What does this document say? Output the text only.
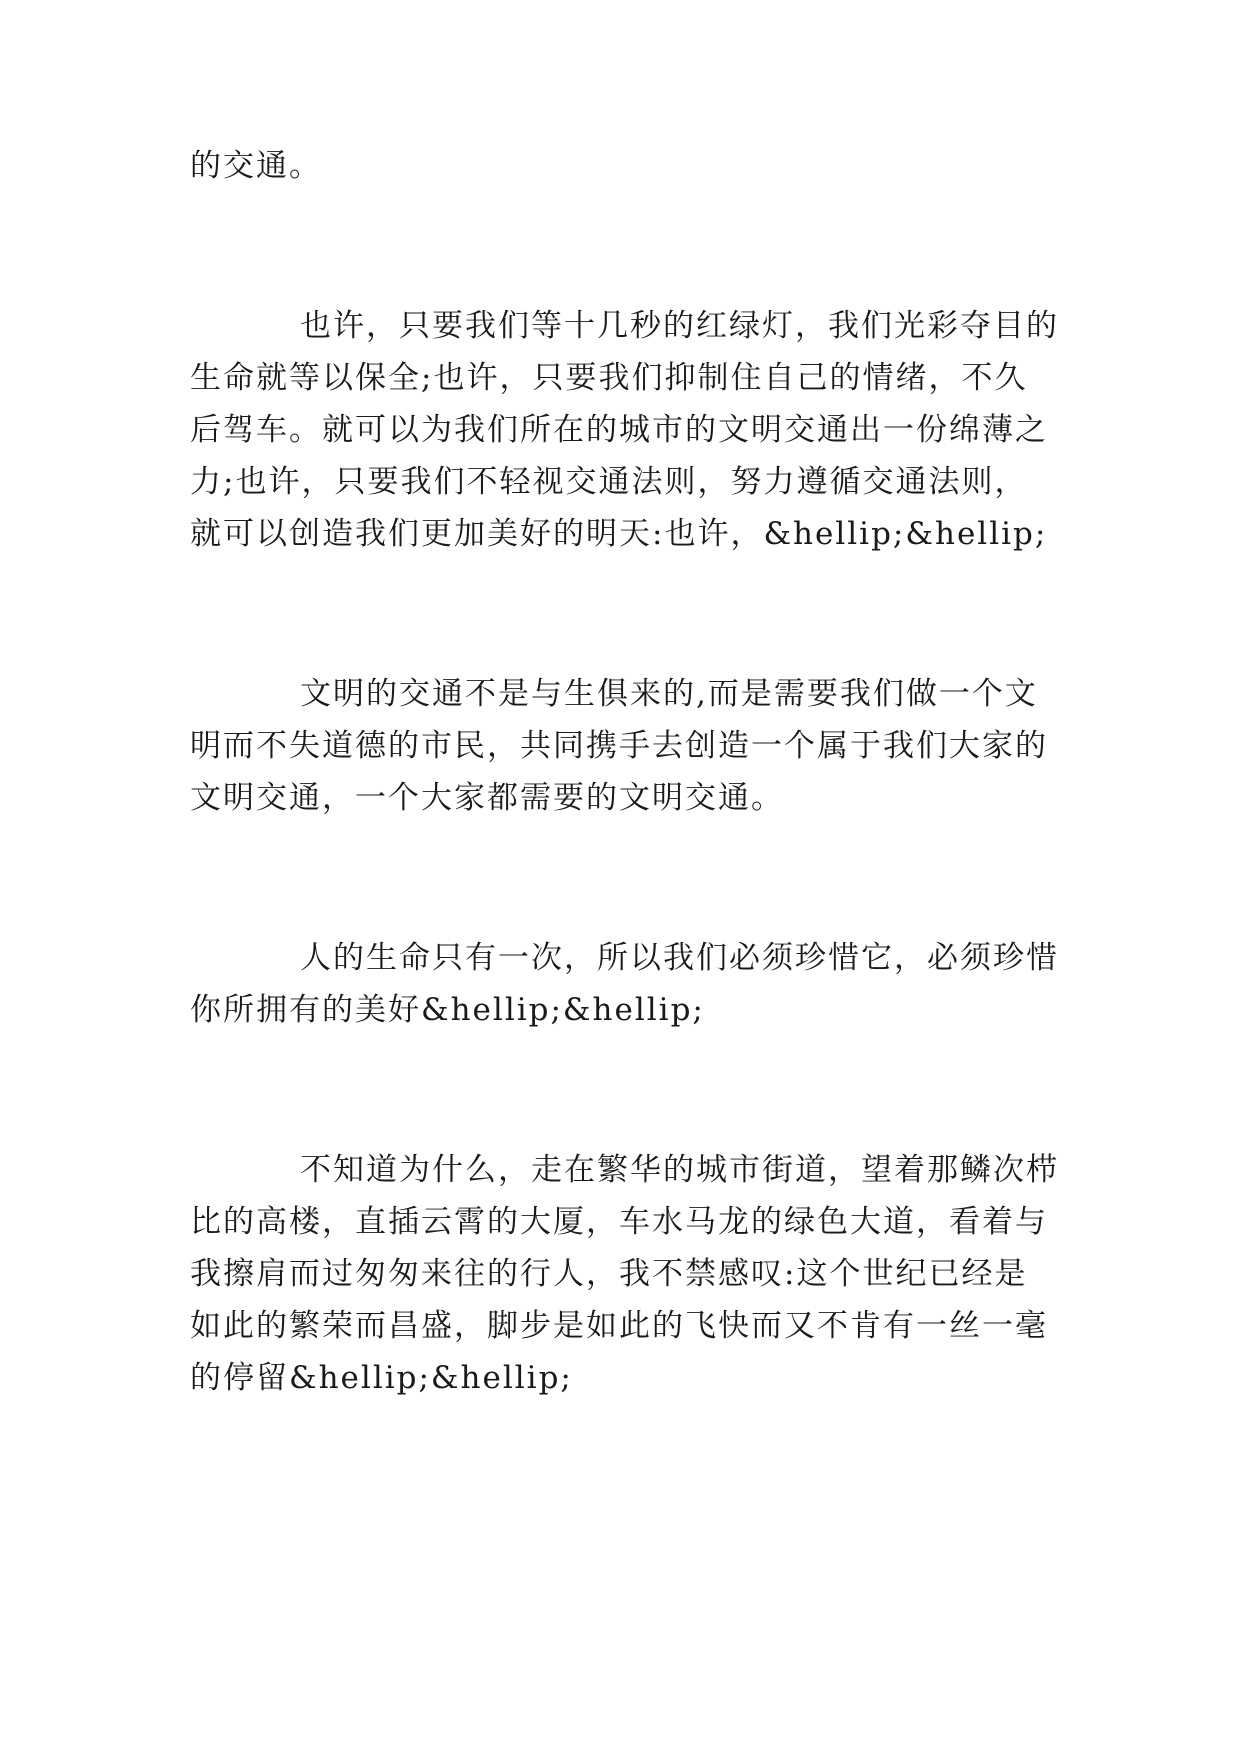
的交通。
也许，只要我们等十几秒的红绿灯，我们光彩夺目的
生命就等以保全;也许，只要我们抑制住自己的情绪，不久
后驾车。就可以为我们所在的城市的文明交通出一份绵薄之
力;也许，只要我们不轻视交通法则，努力遵循交通法则，
就可以创造我们更加美好的明天:也许，&hellip;&hellip;
文明的交通不是与生俱来的,而是需要我们做一个文
明而不失道德的市民，共同携手去创造一个属于我们大家的
文明交通，一个大家都需要的文明交通。
人的生命只有一次，所以我们必须珍惜它，必须珍惜
你所拥有的美好&hellip;&hellip;
不知道为什么，走在繁华的城市街道，望着那鳞次栉
比的高楼，直插云霄的大厦，车水马龙的绿色大道，看着与
我擦肩而过匆匆来往的行人，我不禁感叹:这个世纪已经是
如此的繁荣而昌盛，脚步是如此的飞快而又不肯有一丝一毫
的停留&hellip;&hellip;
